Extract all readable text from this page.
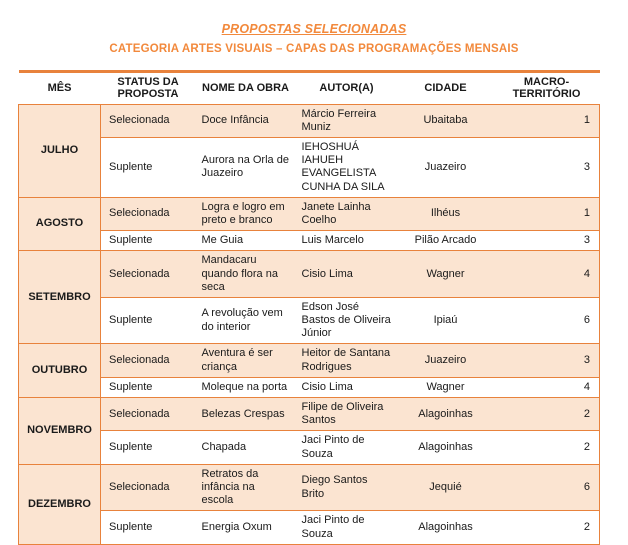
PROPOSTAS SELECIONADAS
CATEGORIA ARTES VISUAIS – CAPAS DAS PROGRAMAÇÕES MENSAIS
MÊS	STATUS DA PROPOSTA	NOME DA OBRA	AUTOR(A)	CIDADE	MACRO-TERRITÓRIO
JULHO	Selecionada	Doce Infância	Márcio Ferreira Muniz	Ubaitaba	1
	Suplente	Aurora na Orla de Juazeiro	IEHOSHUÁ IAHUEH EVANGELISTA CUNHA DA SILA	Juazeiro	3
AGOSTO	Selecionada	Logra e logro em preto e branco	Janete Lainha Coelho	Ilhéus	1
	Suplente	Me Guia	Luis Marcelo	Pilão Arcado	3
SETEMBRO	Selecionada	Mandacaru quando flora na seca	Cisio Lima	Wagner	4
	Suplente	A revolução vem do interior	Edson José Bastos de Oliveira Júnior	Ipiaú	6
OUTUBRO	Selecionada	Aventura é ser criança	Heitor de Santana Rodrigues	Juazeiro	3
	Suplente	Moleque na porta	Cisio Lima	Wagner	4
NOVEMBRO	Selecionada	Belezas Crespas	Filipe de Oliveira Santos	Alagoinhas	2
	Suplente	Chapada	Jaci Pinto de Souza	Alagoinhas	2
DEZEMBRO	Selecionada	Retratos da infância na escola	Diego Santos Brito	Jequié	6
	Suplente	Energia Oxum	Jaci Pinto de Souza	Alagoinhas	2
